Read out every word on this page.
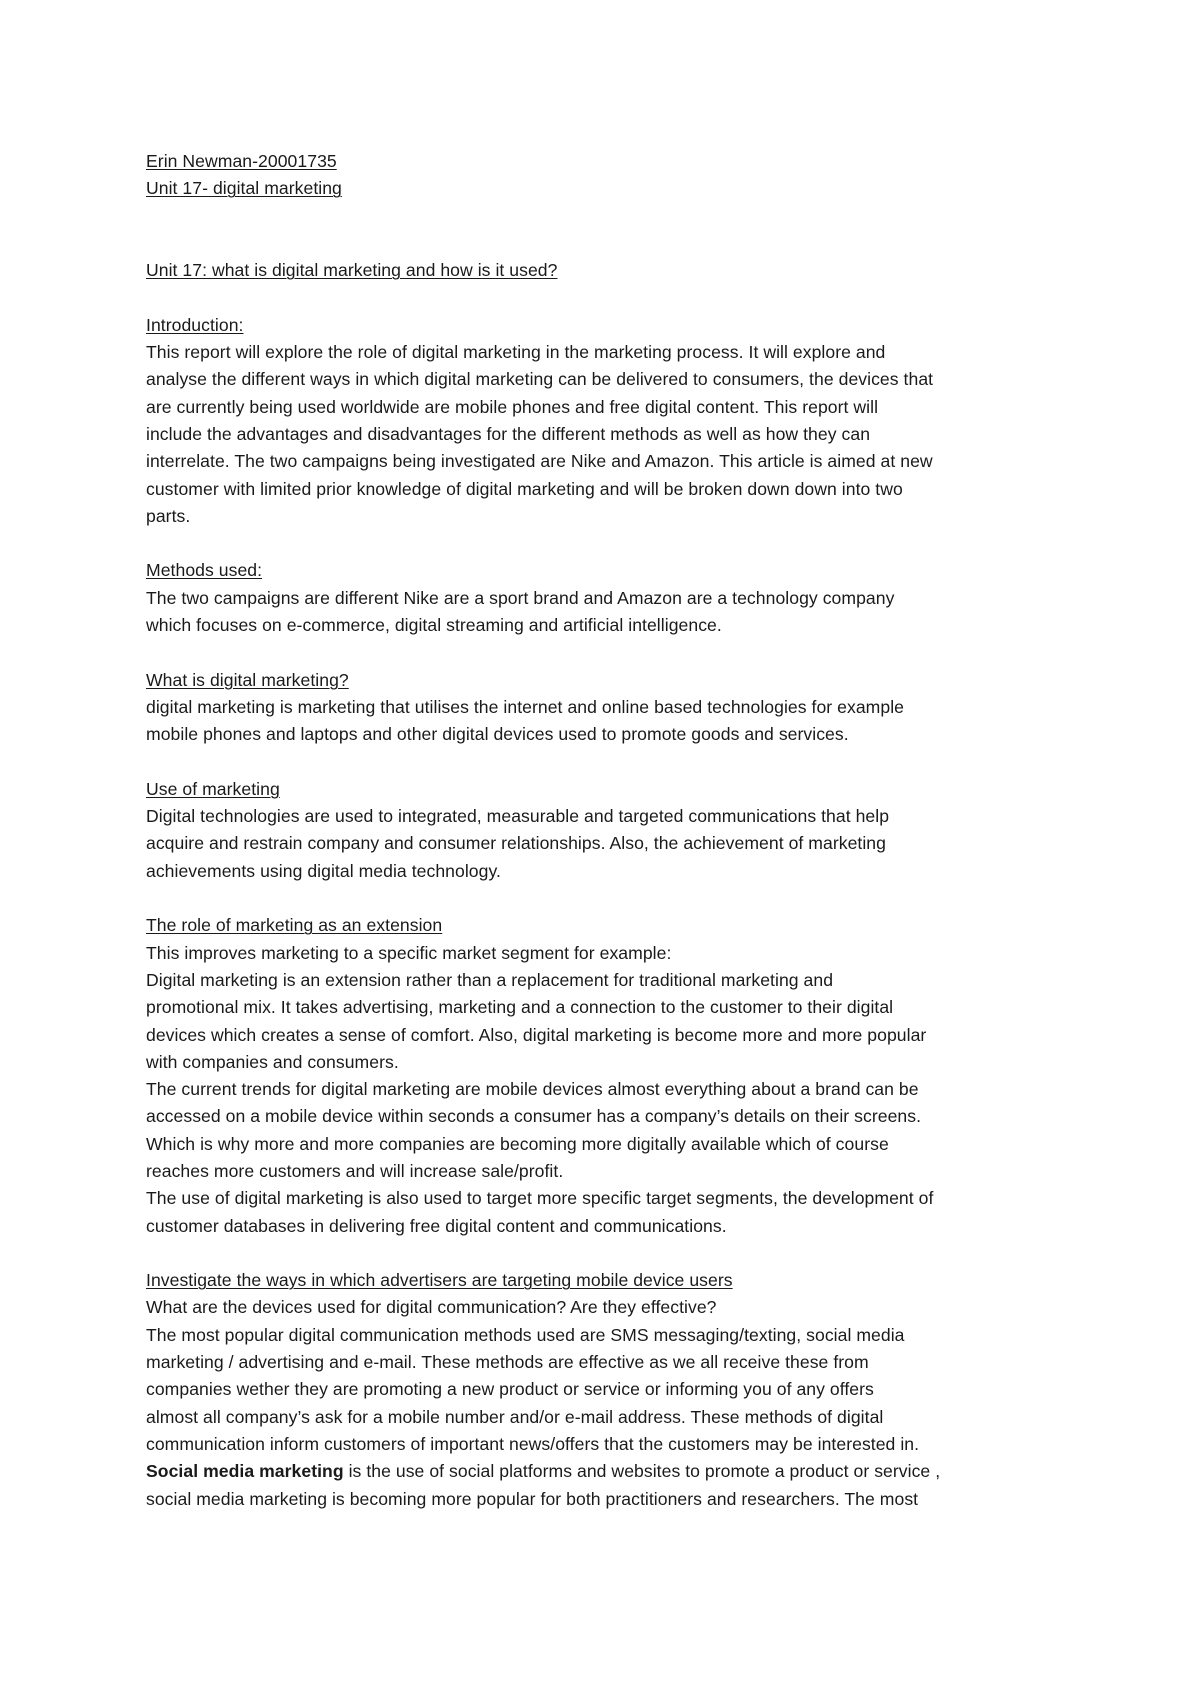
Erin Newman-20001735
Unit 17- digital marketing
Unit 17: what is digital marketing and how is it used?
Introduction:
This report will explore the role of digital marketing in the marketing process. It will explore and
analyse the different ways in which digital marketing can be delivered to consumers, the devices that
are currently being used worldwide are mobile phones and free digital content. This report will
include the advantages and disadvantages for the different methods as well as how they can
interrelate. The two campaigns being investigated are Nike and Amazon. This article is aimed at new
customer with limited prior knowledge of digital marketing and will be broken down down into two
parts.
Methods used:
The two campaigns are different Nike are a sport brand and Amazon are a technology company
which focuses on e-commerce, digital streaming and artificial intelligence.
What is digital marketing?
digital marketing is marketing that utilises the internet and online based technologies for example
mobile phones and laptops and other digital devices used to promote goods and services.
Use of marketing
Digital technologies are used to integrated, measurable and targeted communications that help
acquire and restrain company and consumer relationships. Also, the achievement of marketing
achievements using digital media technology.
The role of marketing as an extension
This improves marketing to a specific market segment for example:
Digital marketing is an extension rather than a replacement for traditional marketing and
promotional mix. It takes advertising, marketing and a connection to the customer to their digital
devices which creates a sense of comfort. Also, digital marketing is become more and more popular
with companies and consumers.
The current trends for digital marketing are mobile devices almost everything about a brand can be
accessed on a mobile device within seconds a consumer has a company’s details on their screens.
Which is why more and more companies are becoming more digitally available which of course
reaches more customers and will increase sale/profit.
The use of digital marketing is also used to target more specific target segments, the development of
customer databases in delivering free digital content and communications.
Investigate the ways in which advertisers are targeting mobile device users
What are the devices used for digital communication? Are they effective?
The most popular digital communication methods used are SMS messaging/texting, social media
marketing / advertising and e-mail. These methods are effective as we all receive these from
companies wether they are promoting a new product or service or informing you of any offers
almost all company’s ask for a mobile number and/or e-mail address. These methods of digital
communication inform customers of important news/offers that the customers may be interested in.
Social media marketing is the use of social platforms and websites to promote a product or service ,
social media marketing is becoming more popular for both practitioners and researchers. The most
